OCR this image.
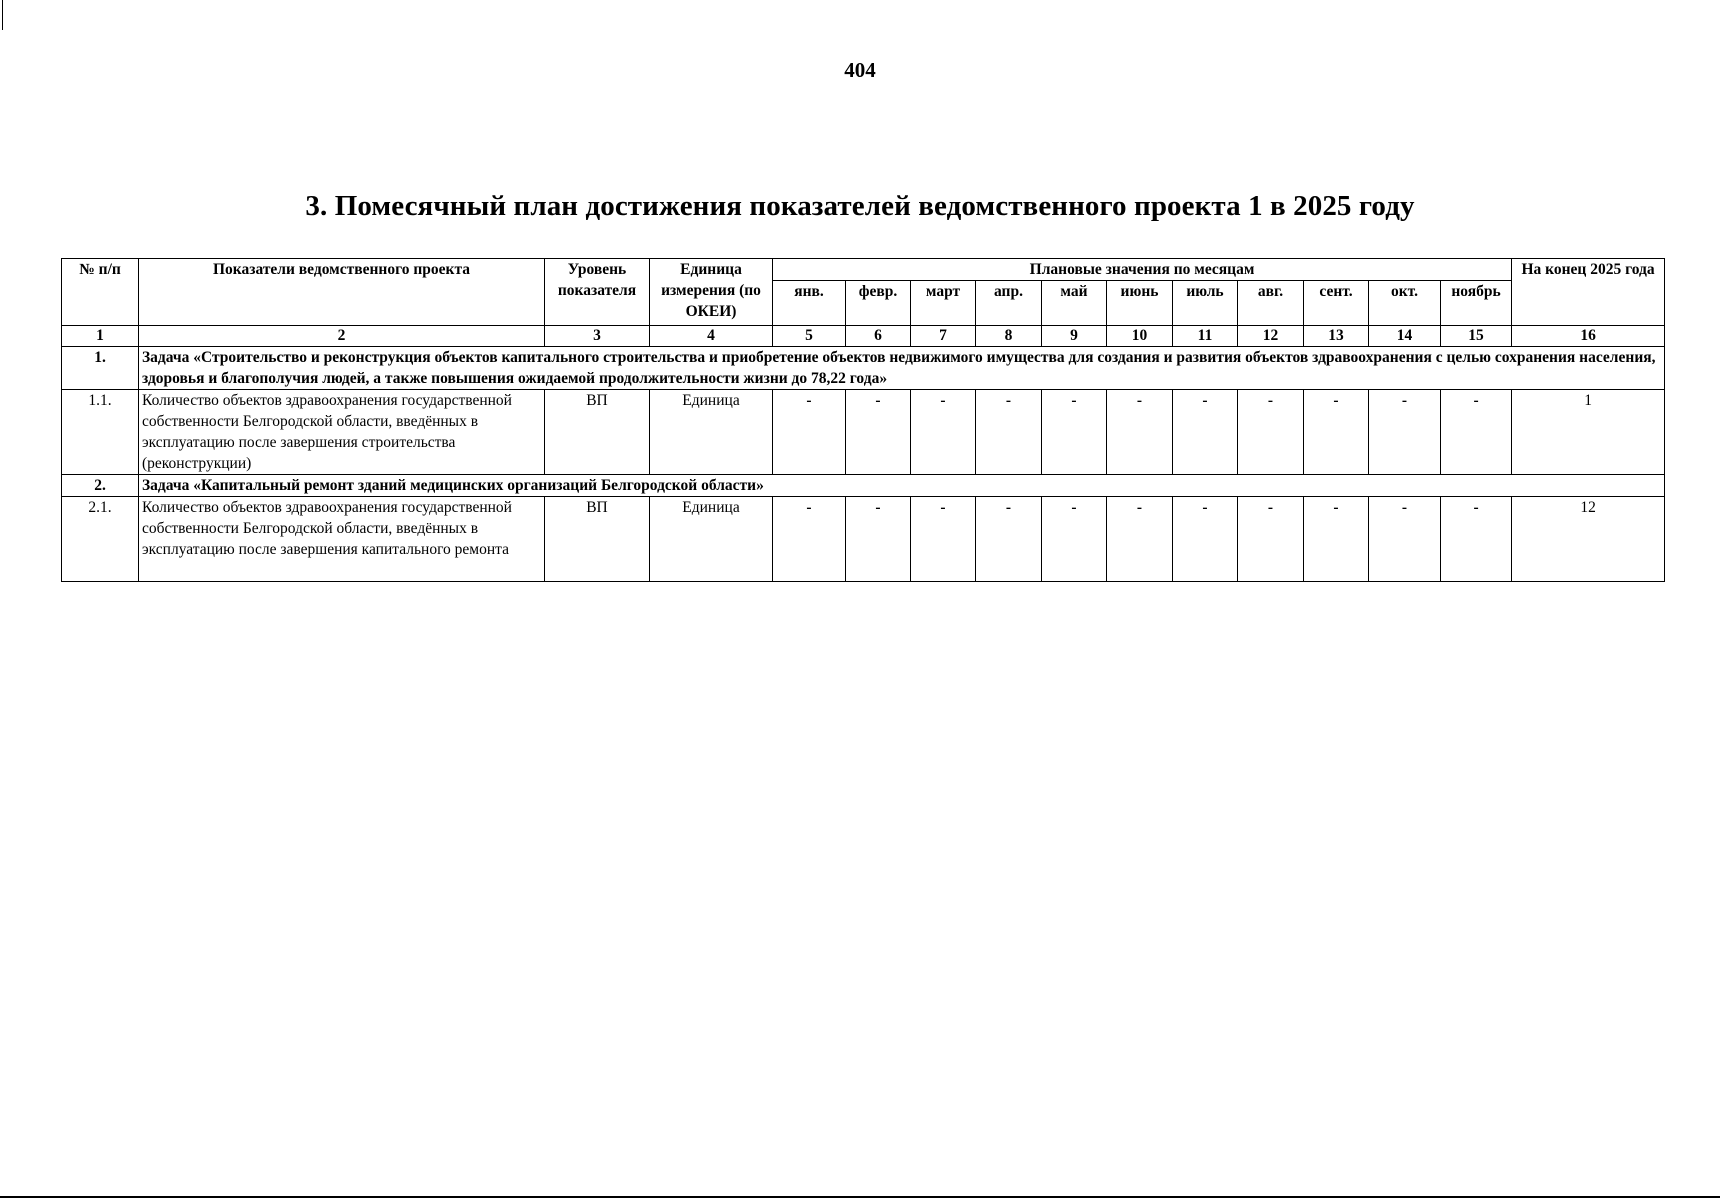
404
3. Помесячный план достижения показателей ведомственного проекта 1 в 2025 году
№ п/п	Показатели ведомственного проекта	Уровень показателя	Единица измерения (по ОКЕИ)	Плановые значения по месяцам											На конец 2025 года
				янв.	февр.	март	апр.	май	июнь	июль	авг.	сент.	окт.	ноябрь	
1	2	3	4	5	6	7	8	9	10	11	12	13	14	15	16
1.	Задача «Строительство и реконструкция объектов капитального строительства и приобретение объектов недвижимого имущества для создания и развития объектов здравоохранения с целью сохранения населения, здоровья и благополучия людей, а также повышения ожидаемой продолжительности жизни до 78,22 года»														
1.1.	Количество объектов здравоохранения государственной собственности Белгородской области, введённых в эксплуатацию после завершения строительства (реконструкции)	ВП	Единица	-	-	-	-	-	-	-	-	-	-	-	1
2.	Задача «Капитальный ремонт зданий медицинских организаций Белгородской области»														
2.1.	Количество объектов здравоохранения государственной собственности Белгородской области, введённых в эксплуатацию после завершения капитального ремонта	ВП	Единица	-	-	-	-	-	-	-	-	-	-	-	12
